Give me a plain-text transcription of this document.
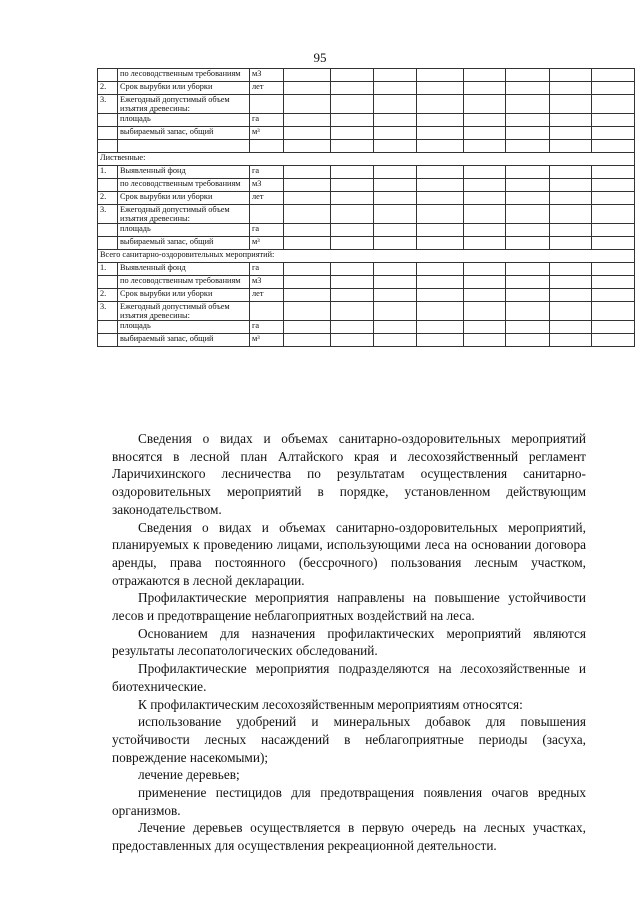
95
	по лесоводственным требованиям	м3								
2.	Срок вырубки или уборки	лет								
3.	Ежегодный допустимый объем изъятия древесины:									
	площадь	га								
	выбираемый запас, общий	м³								

Лиственные:										
1.	Выявленный фонд	га								
	по лесоводственным требованиям	м3								
2.	Срок вырубки или уборки	лет								
3.	Ежегодный допустимый объем изъятия древесины:									
	площадь	га								
	выбираемый запас, общий	м³								
Всего санитарно-оздоровительных мероприятий:										
1.	Выявленный фонд	га								
	по лесоводственным требованиям	м3								
2.	Срок вырубки или уборки	лет								
3.	Ежегодный допустимый объем изъятия древесины:									
	площадь	га								
	выбираемый запас, общий	м³								

Сведения о видах и объемах санитарно-оздоровительных мероприятий вносятся в лесной план Алтайского края и лесохозяйственный регламент Ларичихинского лесничества по результатам осуществления санитарно-оздоровительных мероприятий в порядке, установленном действующим законодательством.

Сведения о видах и объемах санитарно-оздоровительных мероприятий, планируемых к проведению лицами, использующими леса на основании договора аренды, права постоянного (бессрочного) пользования лесным участком, отражаются в лесной декларации.

Профилактические мероприятия направлены на повышение устойчивости лесов и предотвращение неблагоприятных воздействий на леса.

Основанием для назначения профилактических мероприятий являются результаты лесопатологических обследований.

Профилактические мероприятия подразделяются на лесохозяйственные и биотехнические.

К профилактическим лесохозяйственным мероприятиям относятся:

использование удобрений и минеральных добавок для повышения устойчивости лесных насаждений в неблагоприятные периоды (засуха, повреждение насекомыми);

лечение деревьев;

применение пестицидов для предотвращения появления очагов вредных организмов.

Лечение деревьев осуществляется в первую очередь на лесных участках, предоставленных для осуществления рекреационной деятельности.
